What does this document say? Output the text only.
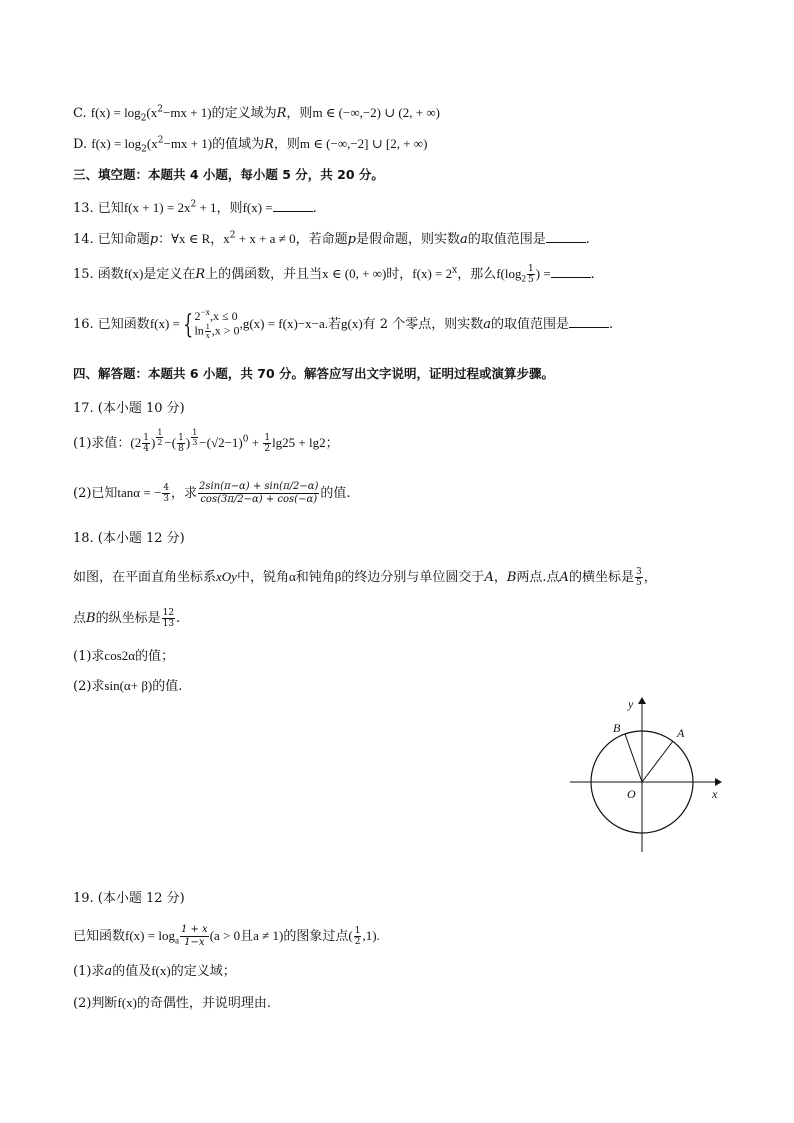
C. $f(x) = \log_2(x^2-mx + 1)$的定义域为R，则m ∈ (−∞,−2) ∪ (2, + ∞)
D. $f(x) = \log_2(x^2-mx + 1)$的值域为R，则m ∈ (−∞,−2] ∪ [2, + ∞)
三、填空题：本题共 4 小题，每小题 5 分，共 20 分。
13. 已知$f(x + 1) = 2x^2 + 1$，则f(x) =	.
14. 已知命题p：∀x ∈ R，$x^2 + x + a \ne 0$，若命题p是假命题，则实数a的取值范围是	.
15. 函数f(x)是定义在R上的偶函数，并且当x ∈ (0, + ∞)时，$f(x) = 2^x$，那么$f(\log_2 \frac{1}{5}$ ) =	.
16. 已知函数f(x) = { $2^{-x},x \le 0$
$\ln \frac{1}{x} ,x > 0$ ,g(x) = f(x)−x−a.若g(x)有 2 个零点，则实数a的取值范围是	.
四、解答题：本题共 6 小题，共 70 分。解答应写出文字说明，证明过程或演算步骤。
17. (本小题 10 分)
(1)求值：($2 \frac{1}{4}$ ) $\frac{1}{2}$ −( $\frac{1}{8}$ ) $\frac{1}{3} -(√2-1)^0 + \frac{1}{2} \lg 25 + \lg 2$；
(2)已知tanα = − $\frac{4}{3}$ ，求 $\frac{2\sin(\pi-\alpha) + \sin(\pi/2-\alpha)}{\cos(3\pi/2-\alpha) + \cos(-\alpha)}$ 的值.
18. (本小题 12 分)
如图，在平面直角坐标系xOy中，锐角α和钝角β的终边分别与单位圆交于A，B两点.点A的横坐标是 $\frac{3}{5}$ ，
点B的纵坐标是 $\frac{12}{13}$ .
(1)求cos2α的值；
(2)求sin(α+ β)的值.
y
x
O
A
B
19. (本小题 12 分)
已知函数$f(x) = \log_a \frac{1 + x}{1-x} (a > 0$且a ≠ 1)的图象过点( $\frac{1}{2} ,1$).
(1)求a的值及f(x)的定义域；
(2)判断f(x)的奇偶性，并说明理由.
